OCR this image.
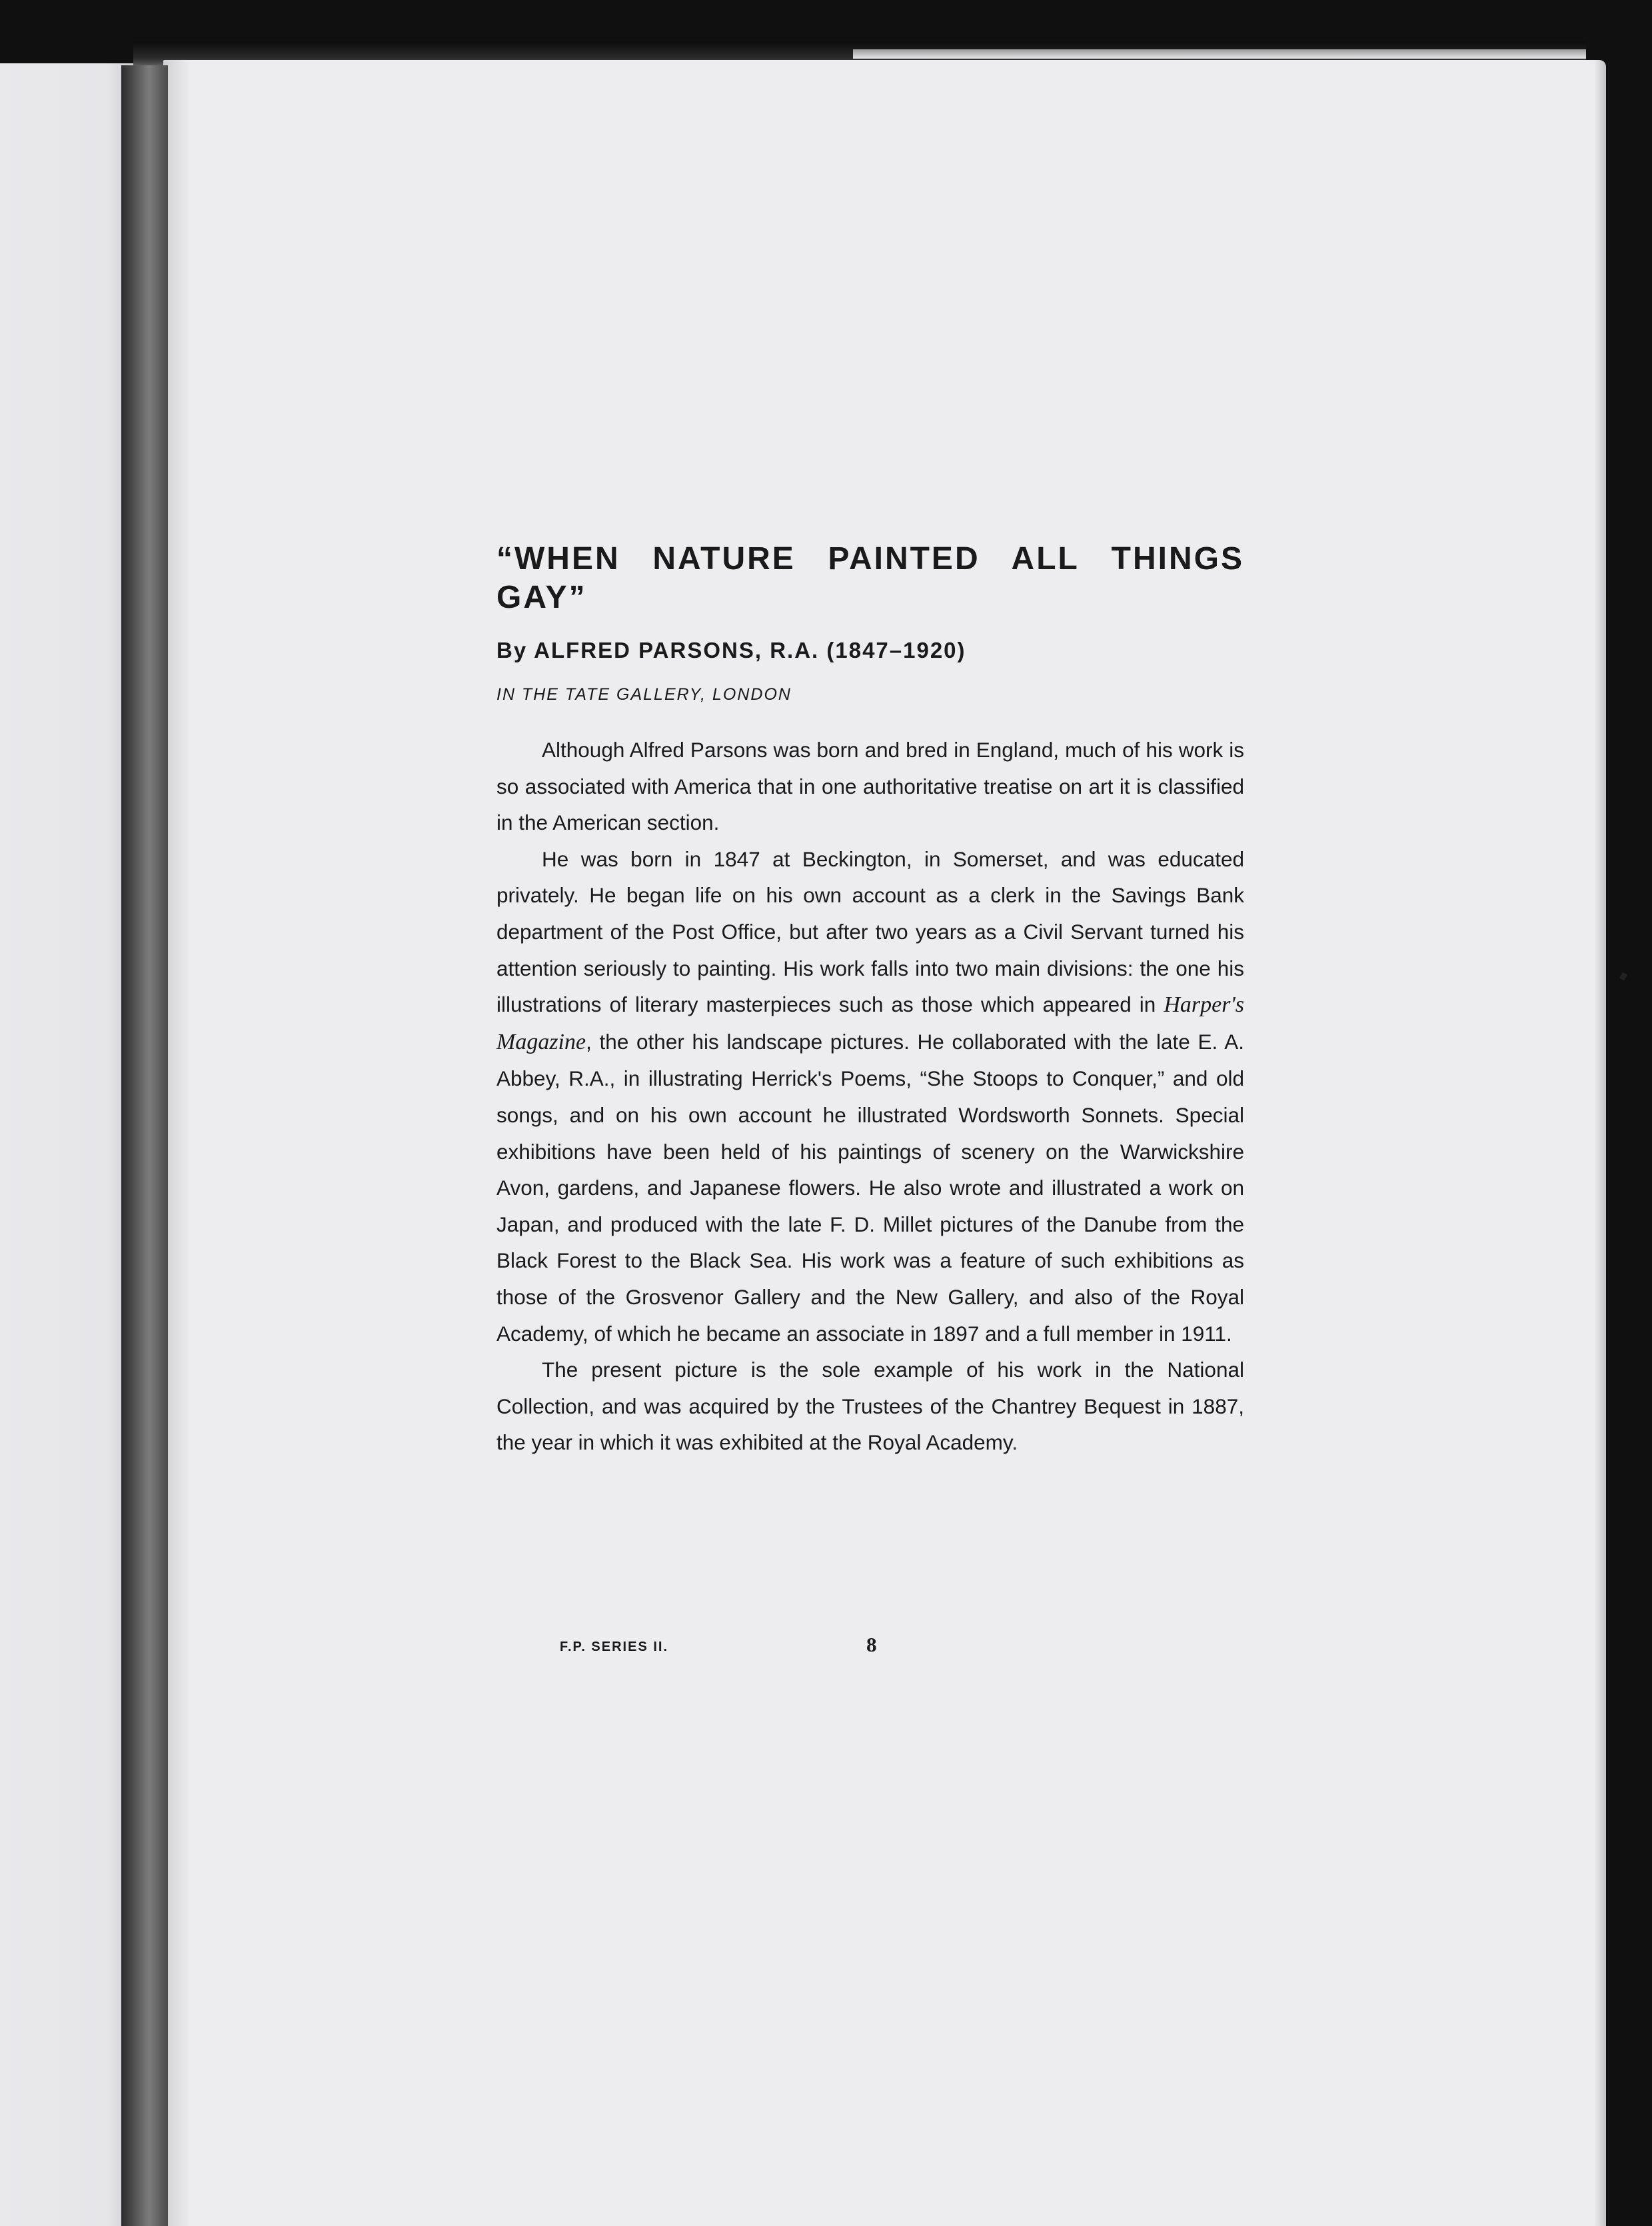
“WHEN NATURE PAINTED ALL THINGS GAY”
By ALFRED PARSONS, R.A. (1847–1920)
IN THE TATE GALLERY, LONDON

Although Alfred Parsons was born and bred in England, much of his work is so associated with America that in one authoritative treatise on art it is classified in the American section.

He was born in 1847 at Beckington, in Somerset, and was educated privately. He began life on his own account as a clerk in the Savings Bank department of the Post Office, but after two years as a Civil Servant turned his attention seriously to painting. His work falls into two main divisions: the one his illustrations of literary masterpieces such as those which appeared in Harper's Magazine, the other his landscape pictures. He collaborated with the late E. A. Abbey, R.A., in illustrating Herrick's Poems, “She Stoops to Conquer,” and old songs, and on his own account he illustrated Wordsworth Sonnets. Special exhibitions have been held of his paintings of scenery on the Warwickshire Avon, gardens, and Japanese flowers. He also wrote and illustrated a work on Japan, and produced with the late F. D. Millet pictures of the Danube from the Black Forest to the Black Sea. His work was a feature of such exhibitions as those of the Grosvenor Gallery and the New Gallery, and also of the Royal Academy, of which he became an associate in 1897 and a full member in 1911.

The present picture is the sole example of his work in the National Collection, and was acquired by the Trustees of the Chantrey Bequest in 1887, the year in which it was exhibited at the Royal Academy.

F.P. SERIES II.	8
